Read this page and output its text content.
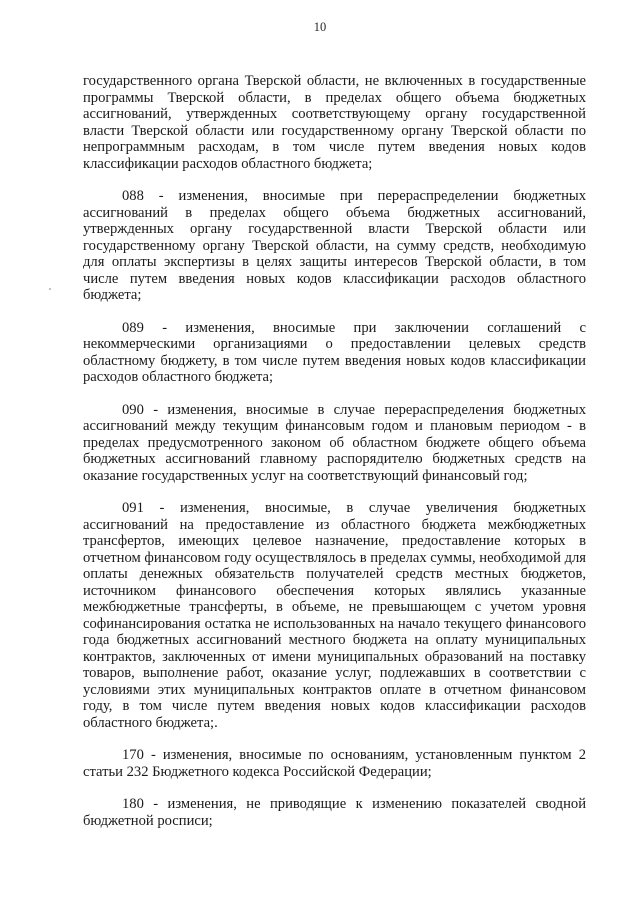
10

государственного органа Тверской области, не включенных в государственные программы Тверской области, в пределах общего объема бюджетных ассигнований, утвержденных соответствующему органу государственной власти Тверской области или государственному органу Тверской области по непрограммным расходам, в том числе путем введения новых кодов классификации расходов областного бюджета;

088 - изменения, вносимые при перераспределении бюджетных ассигнований в пределах общего объема бюджетных ассигнований, утвержденных органу государственной власти Тверской области или государственному органу Тверской области, на сумму средств, необходимую для оплаты экспертизы в целях защиты интересов Тверской области, в том числе путем введения новых кодов классификации расходов областного бюджета;

089 - изменения, вносимые при заключении соглашений с некоммерческими организациями о предоставлении целевых средств областному бюджету, в том числе путем введения новых кодов классификации расходов областного бюджета;

090 - изменения, вносимые в случае перераспределения бюджетных ассигнований между текущим финансовым годом и плановым периодом - в пределах предусмотренного законом об областном бюджете общего объема бюджетных ассигнований главному распорядителю бюджетных средств на оказание государственных услуг на соответствующий финансовый год;

091 - изменения, вносимые, в случае увеличения бюджетных ассигнований на предоставление из областного бюджета межбюджетных трансфертов, имеющих целевое назначение, предоставление которых в отчетном финансовом году осуществлялось в пределах суммы, необходимой для оплаты денежных обязательств получателей средств местных бюджетов, источником финансового обеспечения которых являлись указанные межбюджетные трансферты, в объеме, не превышающем с учетом уровня софинансирования остатка не использованных на начало текущего финансового года бюджетных ассигнований местного бюджета на оплату муниципальных контрактов, заключенных от имени муниципальных образований на поставку товаров, выполнение работ, оказание услуг, подлежавших в соответствии с условиями этих муниципальных контрактов оплате в отчетном финансовом году, в том числе путем введения новых кодов классификации расходов областного бюджета;.

170 - изменения, вносимые по основаниям, установленным пунктом 2 статьи 232 Бюджетного кодекса Российской Федерации;

180 - изменения, не приводящие к изменению показателей сводной бюджетной росписи;
